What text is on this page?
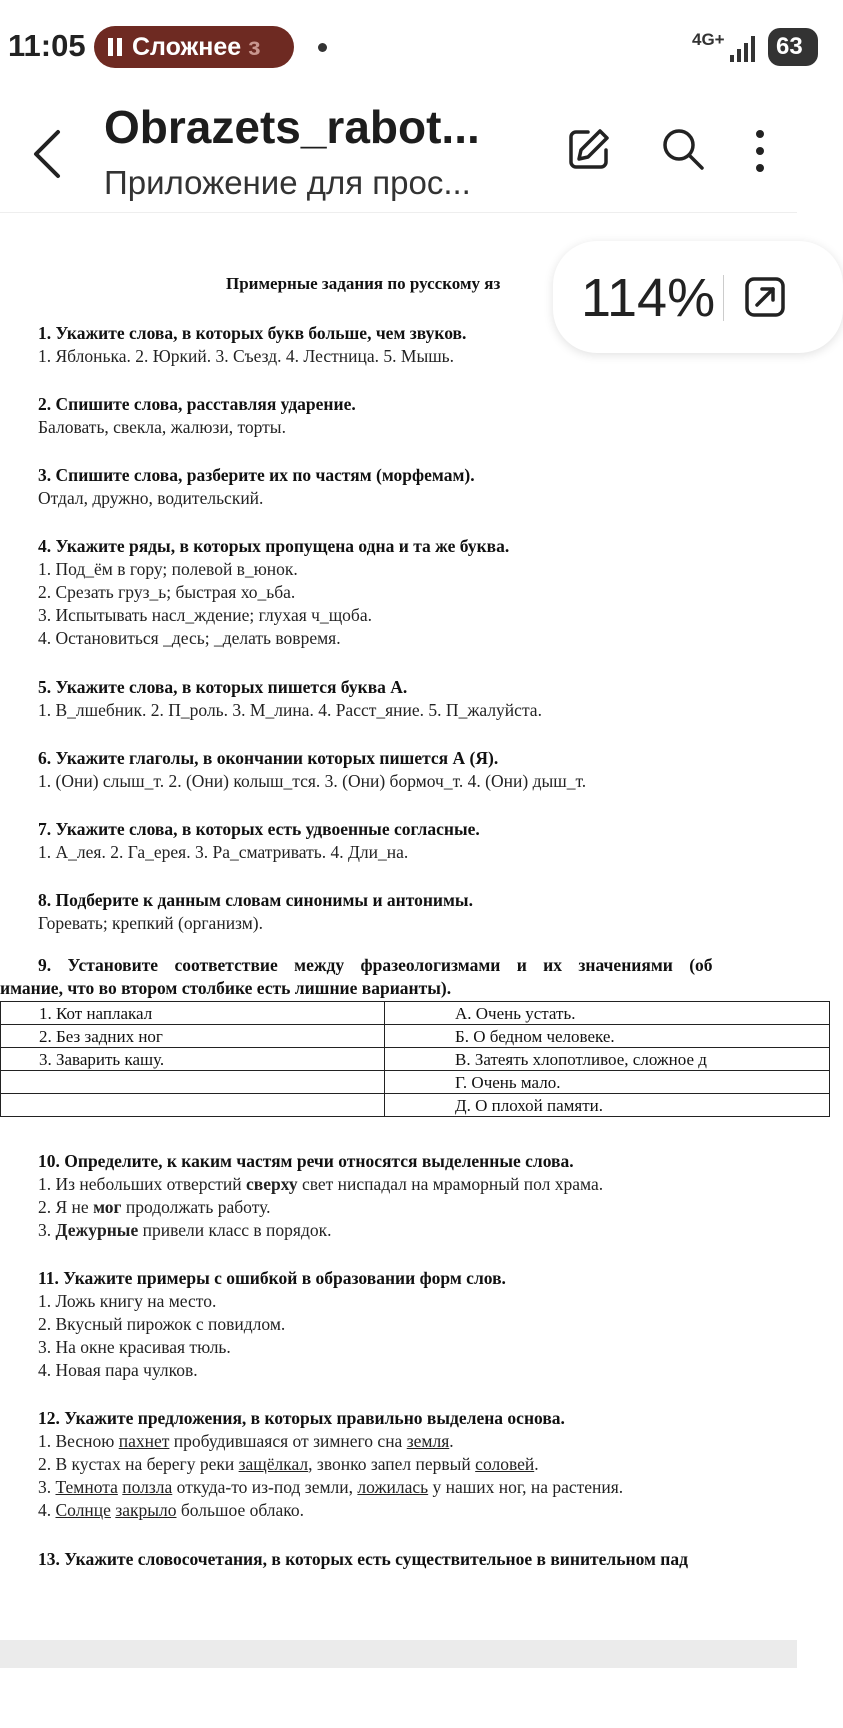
11:05	Сложнее з	4G+	63
Obrazets_rabot...
Приложение для прос...
Примерные задания по русскому яз
1. Укажите слова, в которых букв больше, чем звуков.
1. Яблонька. 2. Юркий. 3. Съезд. 4. Лестница. 5. Мышь.
2. Спишите слова, расставляя ударение.
Баловать, свекла, жалюзи, торты.
3. Спишите слова, разберите их по частям (морфемам).
Отдал, дружно, водительский.
4. Укажите ряды, в которых пропущена одна и та же буква.
1. Под_ём в гору; полевой в_юнок.
2. Срезать груз_ь; быстрая хо_ьба.
3. Испытывать насл_ждение; глухая ч_щоба.
4. Остановиться _десь; _делать вовремя.
5. Укажите слова, в которых пишется буква А.
1. В_лшебник. 2. П_роль. 3. М_лина. 4. Расст_яние. 5. П_жалуйста.
6. Укажите глаголы, в окончании которых пишется А (Я).
1. (Они) слыш_т. 2. (Они) колыш_тся. 3. (Они) бормоч_т. 4. (Они) дыш_т.
7. Укажите слова, в которых есть удвоенные согласные.
1. А_лея. 2. Га_ерея. 3. Ра_сматривать. 4. Дли_на.
8. Подберите к данным словам синонимы и антонимы.
Горевать; крепкий (организм).
9. Установите соответствие между фразеологизмами и их значениями (об
имание, что во втором столбике есть лишние варианты).
1. Кот наплакал	А. Очень устать.
2. Без задних ног	Б. О бедном человеке.
3. Заварить кашу.	В. Затеять хлопотливое, сложное д
	Г. Очень мало.
	Д. О плохой памяти.
10. Определите, к каким частям речи относятся выделенные слова.
1. Из небольших отверстий сверху свет ниспадал на мраморный пол храма.
2. Я не мог продолжать работу.
3. Дежурные привели класс в порядок.
11. Укажите примеры с ошибкой в образовании форм слов.
1. Ложь книгу на место.
2. Вкусный пирожок с повидлом.
3. На окне красивая тюль.
4. Новая пара чулков.
12. Укажите предложения, в которых правильно выделена основа.
1. Весною пахнет пробудившаяся от зимнего сна земля.
2. В кустах на берегу реки защёлкал, звонко запел первый соловей.
3. Темнота ползла откуда-то из-под земли, ложилась у наших ног, на растения.
4. Солнце закрыло большое облако.
13. Укажите словосочетания, в которых есть существительное в винительном пад
114%
